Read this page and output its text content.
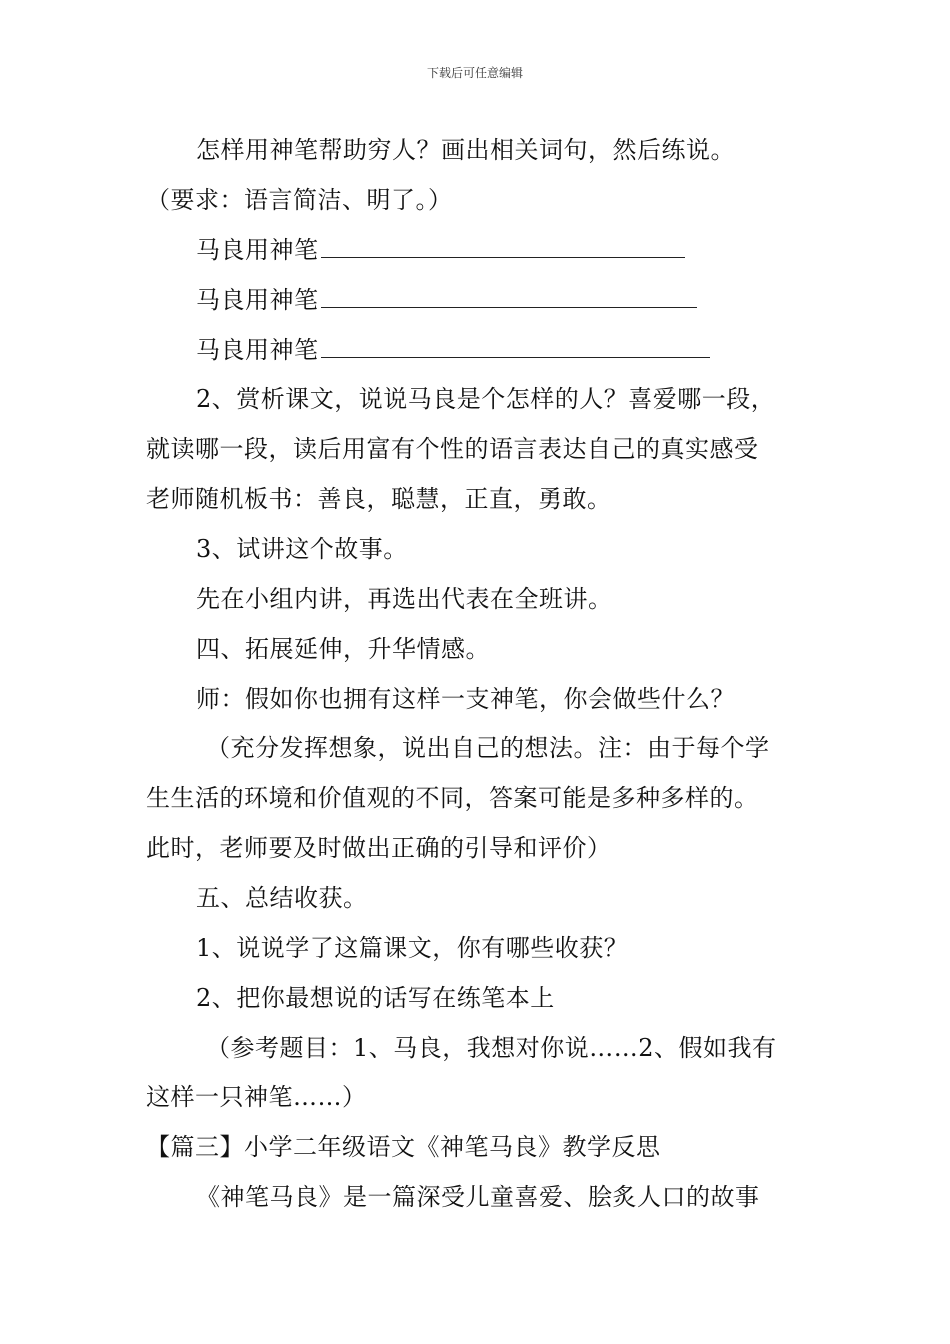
下载后可任意编辑
怎样用神笔帮助穷人？画出相关词句，然后练说。
（要求：语言简洁、明了。）
马良用神笔
马良用神笔
马良用神笔
2、赏析课文，说说马良是个怎样的人？喜爱哪一段，
就读哪一段，读后用富有个性的语言表达自己的真实感受
老师随机板书：善良，聪慧，正直，勇敢。
3、试讲这个故事。
先在小组内讲，再选出代表在全班讲。
四、拓展延伸，升华情感。
师：假如你也拥有这样一支神笔，你会做些什么？
（充分发挥想象，说出自己的想法。注：由于每个学
生生活的环境和价值观的不同，答案可能是多种多样的。
此时，老师要及时做出正确的引导和评价）
五、总结收获。
1、说说学了这篇课文，你有哪些收获？
2、把你最想说的话写在练笔本上
（参考题目：1、马良，我想对你说……2、假如我有
这样一只神笔……）
【篇三】小学二年级语文《神笔马良》教学反思
《神笔马良》是一篇深受儿童喜爱、脍炙人口的故事
